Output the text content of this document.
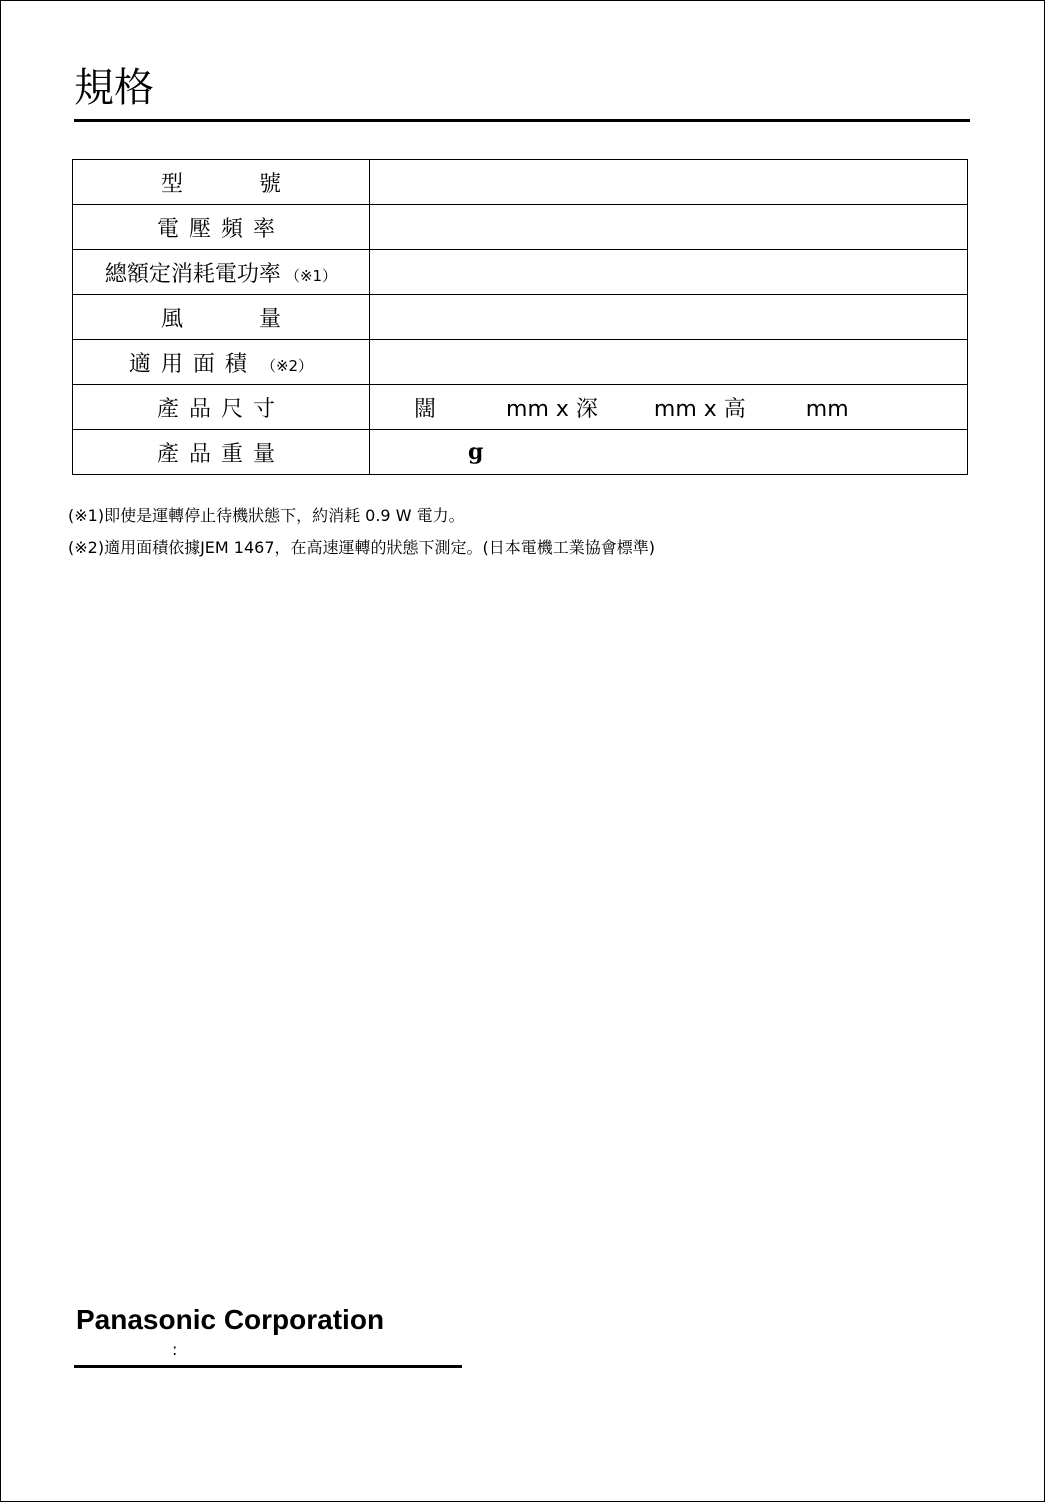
規格
型號	
電壓頻率	
總額定消耗電功率 （※1）	
風量	
適用面積 （※2）	
產品尺寸	闊 mm x 深 mm x 高 mm
產品重量	g

(※1)即使是運轉停止待機狀態下，約消耗 0.9 W 電力。

(※2)適用面積依據JEM 1467，在高速運轉的狀態下測定。(日本電機工業協會標準)

Panasonic Corporation
:
